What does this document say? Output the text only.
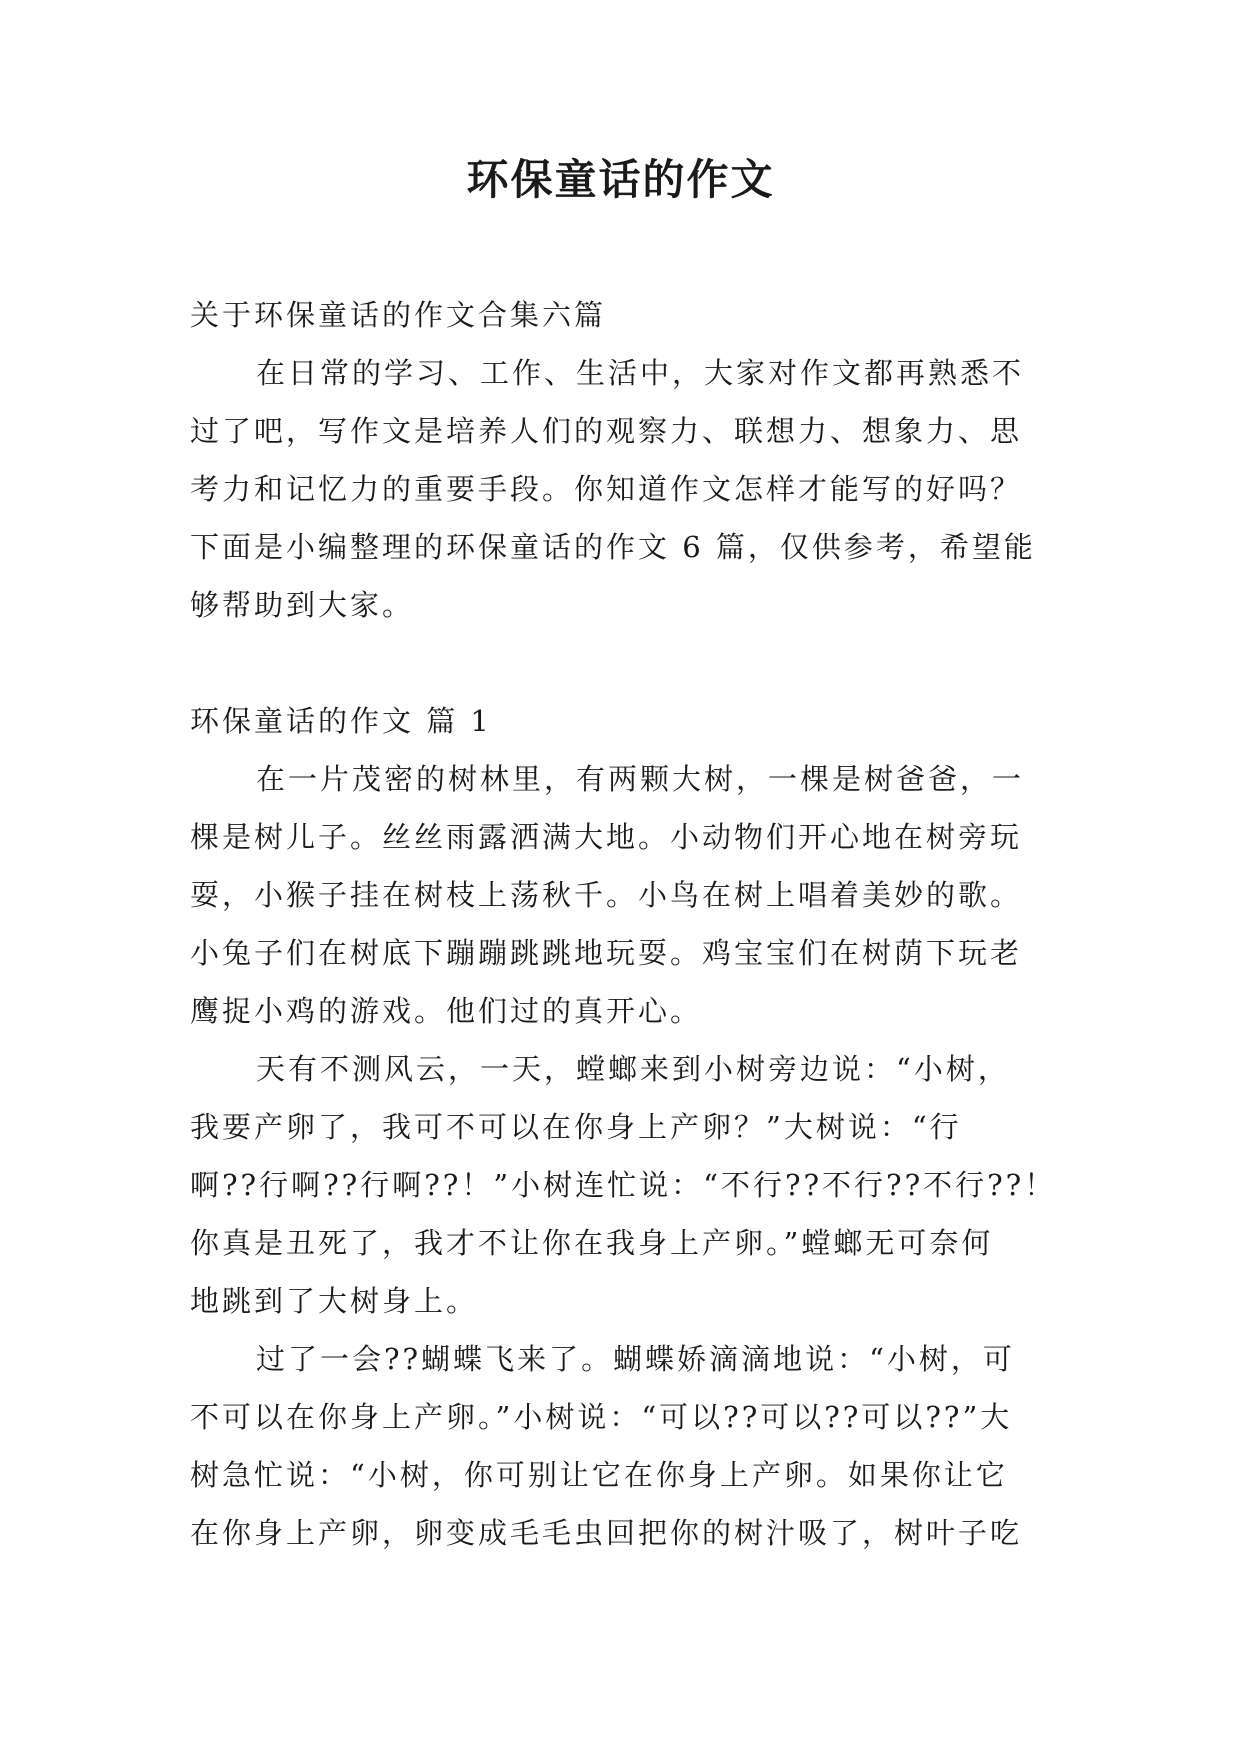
环保童话的作文
关于环保童话的作文合集六篇
在日常的学习、工作、生活中，大家对作文都再熟悉不
过了吧，写作文是培养人们的观察力、联想力、想象力、思
考力和记忆力的重要手段。你知道作文怎样才能写的好吗？
下面是小编整理的环保童话的作文 6 篇，仅供参考，希望能
够帮助到大家。
环保童话的作文 篇 1
在一片茂密的树林里，有两颗大树，一棵是树爸爸，一
棵是树儿子。丝丝雨露洒满大地。小动物们开心地在树旁玩
耍，小猴子挂在树枝上荡秋千。小鸟在树上唱着美妙的歌。
小兔子们在树底下蹦蹦跳跳地玩耍。鸡宝宝们在树荫下玩老
鹰捉小鸡的游戏。他们过的真开心。
天有不测风云，一天，螳螂来到小树旁边说：“小树，
我要产卵了，我可不可以在你身上产卵？”大树说：“行
啊??行啊??行啊??！”小树连忙说：“不行??不行??不行??！
你真是丑死了，我才不让你在我身上产卵。”螳螂无可奈何
地跳到了大树身上。
过了一会??蝴蝶飞来了。蝴蝶娇滴滴地说：“小树，可
不可以在你身上产卵。”小树说：“可以??可以??可以??”大
树急忙说：“小树，你可别让它在你身上产卵。如果你让它
在你身上产卵，卵变成毛毛虫回把你的树汁吸了，树叶子吃
